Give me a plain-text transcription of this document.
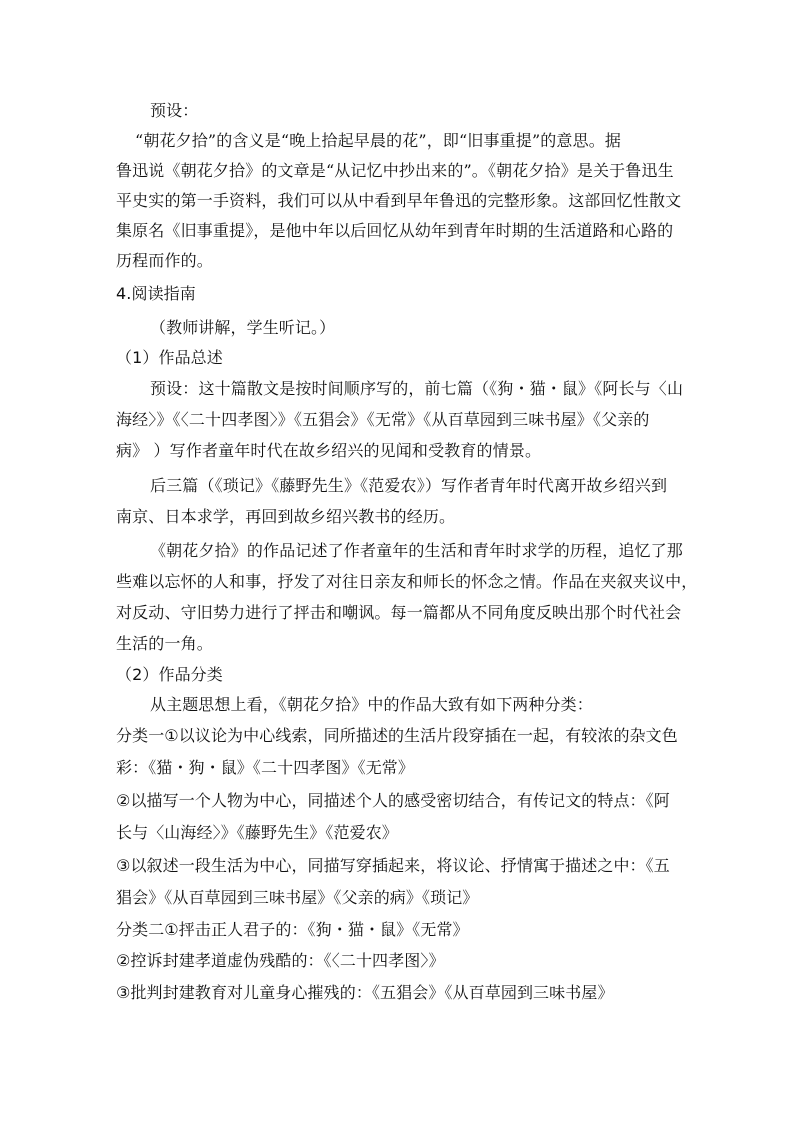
预设：
“朝花夕拾”的含义是“晚上拾起早晨的花”，即“旧事重提”的意思。据
鲁迅说《朝花夕拾》的文章是“从记忆中抄出来的”。《朝花夕拾》是关于鲁迅生
平史实的第一手资料，我们可以从中看到早年鲁迅的完整形象。这部回忆性散文
集原名《旧事重提》，是他中年以后回忆从幼年到青年时期的生活道路和心路的
历程而作的。
4.阅读指南
（教师讲解，学生听记。）
（1）作品总述
预设：这十篇散文是按时间顺序写的，前七篇（《狗・猫・鼠》《阿长与〈山
海经〉》《〈二十四孝图〉》《五猖会》《无常》《从百草园到三味书屋》《父亲的
病》 ）写作者童年时代在故乡绍兴的见闻和受教育的情景。
后三篇（《琐记》《藤野先生》《范爱农》）写作者青年时代离开故乡绍兴到
南京、日本求学，再回到故乡绍兴教书的经历。
《朝花夕拾》的作品记述了作者童年的生活和青年时求学的历程，追忆了那
些难以忘怀的人和事，抒发了对往日亲友和师长的怀念之情。作品在夹叙夹议中，
对反动、守旧势力进行了抨击和嘲讽。每一篇都从不同角度反映出那个时代社会
生活的一角。
（2）作品分类
从主题思想上看，《朝花夕拾》中的作品大致有如下两种分类：
分类一①以议论为中心线索，同所描述的生活片段穿插在一起，有较浓的杂文色
彩：《猫・狗・鼠》《二十四孝图》《无常》
②以描写一个人物为中心，同描述个人的感受密切结合，有传记文的特点：《阿
长与〈山海经〉》《藤野先生》《范爱农》
③以叙述一段生活为中心，同描写穿插起来，将议论、抒情寓于描述之中：《五
猖会》《从百草园到三味书屋》《父亲的病》《琐记》
分类二①抨击正人君子的：《狗・猫・鼠》《无常》
②控诉封建孝道虚伪残酷的：《〈二十四孝图〉》
③批判封建教育对儿童身心摧残的：《五猖会》《从百草园到三味书屋》
